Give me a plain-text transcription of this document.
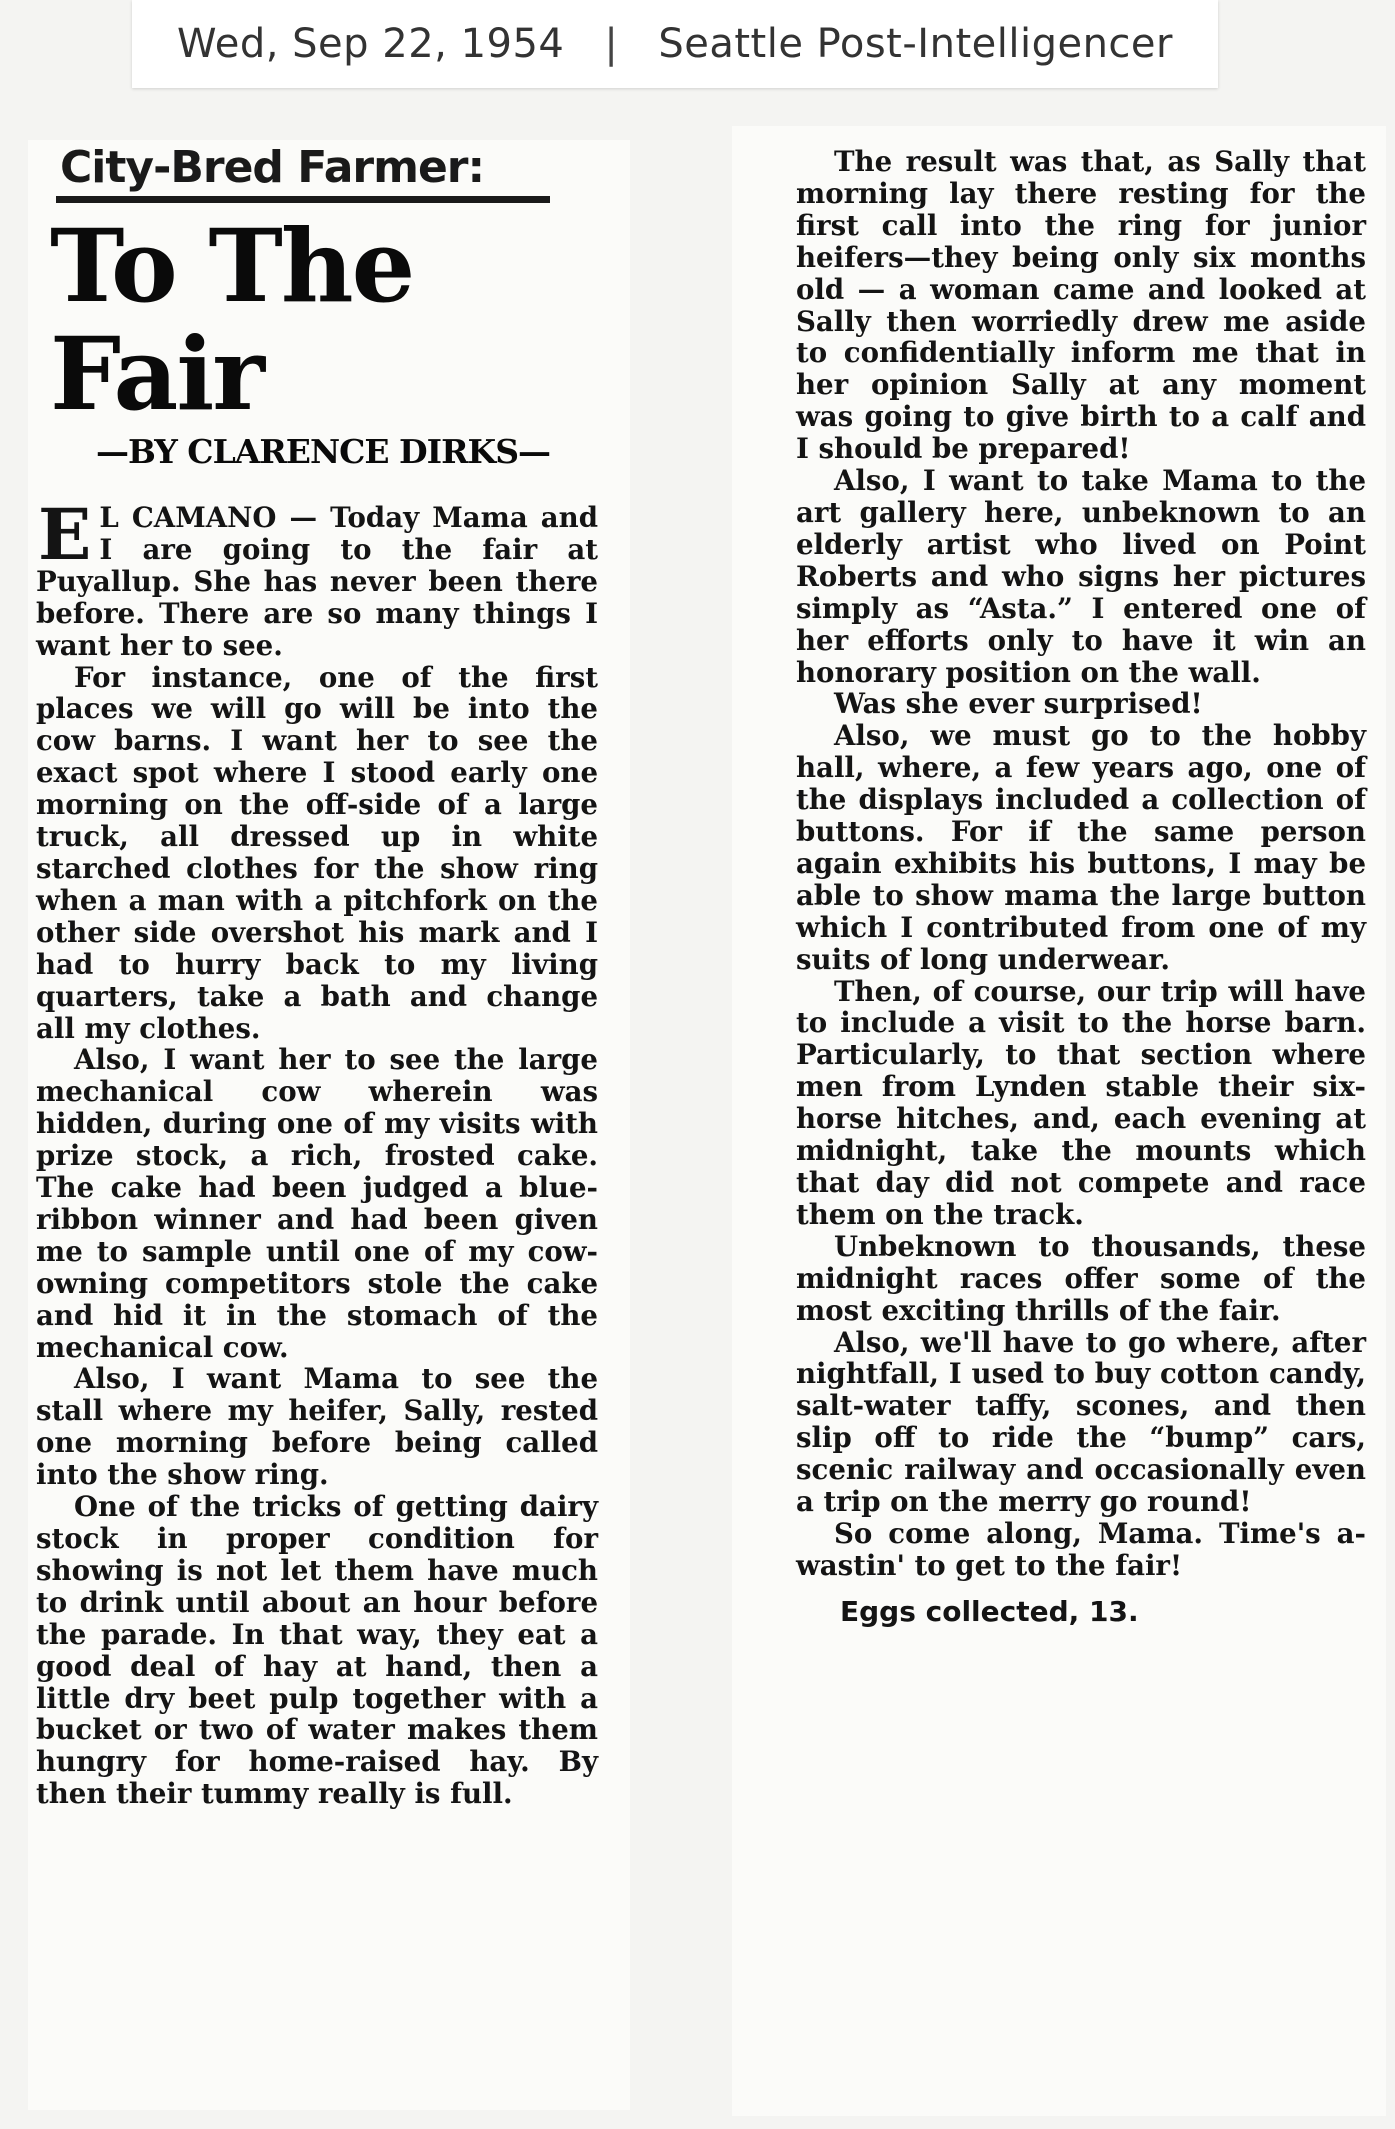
Wed, Sep 22, 1954 | Seattle Post-Intelligencer
City-Bred Farmer:
To The
Fair
—BY CLARENCE DIRKS—

E L CAMANO — Today Mama and I are going to the fair at Puyallup. She has never been there before. There are so many things I want her to see.

For instance, one of the first places we will go will be into the cow barns. I want her to see the exact spot where I stood early one morning on the off-side of a large truck, all dressed up in white starched clothes for the show ring when a man with a pitchfork on the other side overshot his mark and I had to hurry back to my living quarters, take a bath and change all my clothes.

Also, I want her to see the large mechanical cow wherein was hidden, during one of my visits with prize stock, a rich, frosted cake. The cake had been judged a blue-ribbon winner and had been given me to sample until one of my cow-owning competitors stole the cake and hid it in the stomach of the mechanical cow.

Also, I want Mama to see the stall where my heifer, Sally, rested one morning before being called into the show ring.

One of the tricks of getting dairy stock in proper condition for showing is not let them have much to drink until about an hour before the parade. In that way, they eat a good deal of hay at hand, then a little dry beet pulp together with a bucket or two of water makes them hungry for home-raised hay. By then their tummy really is full.

The result was that, as Sally that morning lay there resting for the first call into the ring for junior heifers—they being only six months old — a woman came and looked at Sally then worriedly drew me aside to confidentially inform me that in her opinion Sally at any moment was going to give birth to a calf and I should be prepared!

Also, I want to take Mama to the art gallery here, unbeknown to an elderly artist who lived on Point Roberts and who signs her pictures simply as “Asta.” I entered one of her efforts only to have it win an honorary position on the wall.

Was she ever surprised!

Also, we must go to the hobby hall, where, a few years ago, one of the displays included a collection of buttons. For if the same person again exhibits his buttons, I may be able to show mama the large button which I contributed from one of my suits of long underwear.

Then, of course, our trip will have to include a visit to the horse barn. Particularly, to that section where men from Lynden stable their six-horse hitches, and, each evening at midnight, take the mounts which that day did not compete and race them on the track.

Unbeknown to thousands, these midnight races offer some of the most exciting thrills of the fair.

Also, we'll have to go where, after nightfall, I used to buy cotton candy, salt-water taffy, scones, and then slip off to ride the “bump” cars, scenic railway and occasionally even a trip on the merry go round!

So come along, Mama. Time's a-wastin' to get to the fair!

Eggs collected, 13.
